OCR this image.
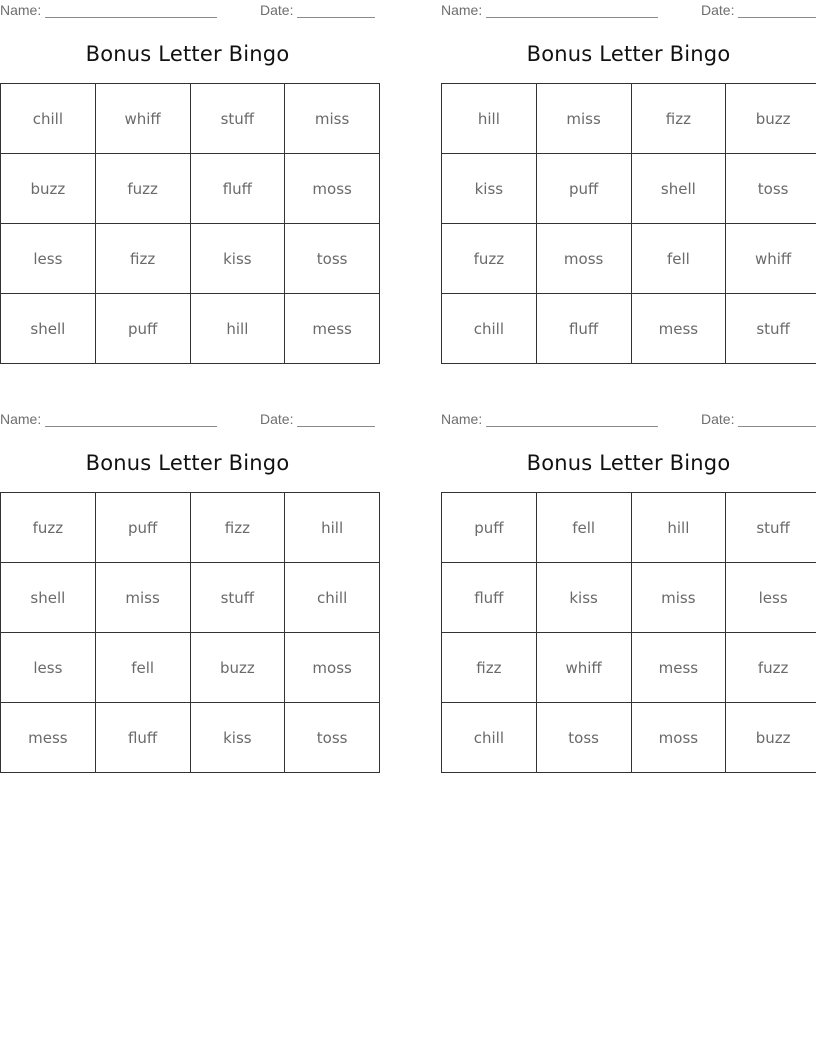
Name:	Date:
Bonus Letter Bingo
chill	whiff	stuff	miss
buzz	fuzz	fluff	moss
less	fizz	kiss	toss
shell	puff	hill	mess
Name:	Date:
Bonus Letter Bingo
hill	miss	fizz	buzz
kiss	puff	shell	toss
fuzz	moss	fell	whiff
chill	fluff	mess	stuff
Name:	Date:
Bonus Letter Bingo
fuzz	puff	fizz	hill
shell	miss	stuff	chill
less	fell	buzz	moss
mess	fluff	kiss	toss
Name:	Date:
Bonus Letter Bingo
puff	fell	hill	stuff
fluff	kiss	miss	less
fizz	whiff	mess	fuzz
chill	toss	moss	buzz
